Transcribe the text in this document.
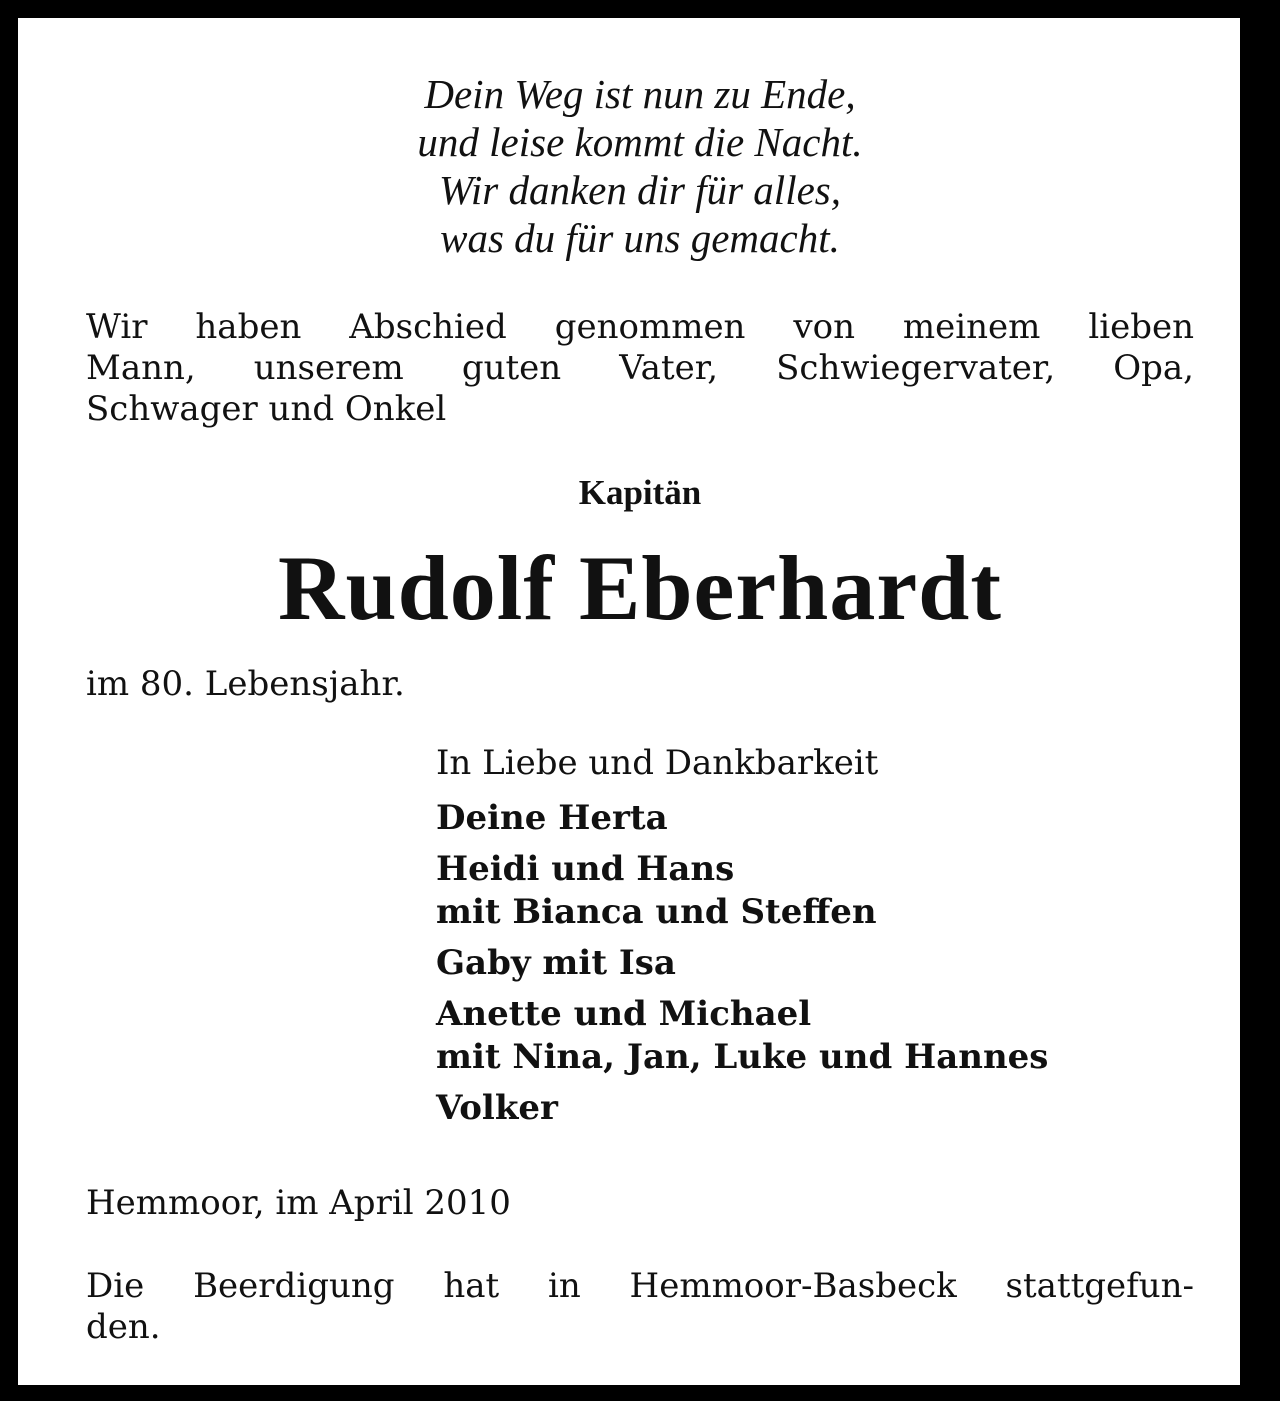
Dein Weg ist nun zu Ende,
und leise kommt die Nacht.
Wir danken dir für alles,
was du für uns gemacht.
Wir haben Abschied genommen von meinem lieben
Mann, unserem guten Vater, Schwiegervater, Opa,
Schwager und Onkel
Kapitän
Rudolf Eberhardt
im 80. Lebensjahr.
In Liebe und Dankbarkeit
Deine Herta
Heidi und Hans
mit Bianca und Steffen
Gaby mit Isa
Anette und Michael
mit Nina, Jan, Luke und Hannes
Volker
Hemmoor, im April 2010
Die Beerdigung hat in Hemmoor-Basbeck stattgefun-
den.
